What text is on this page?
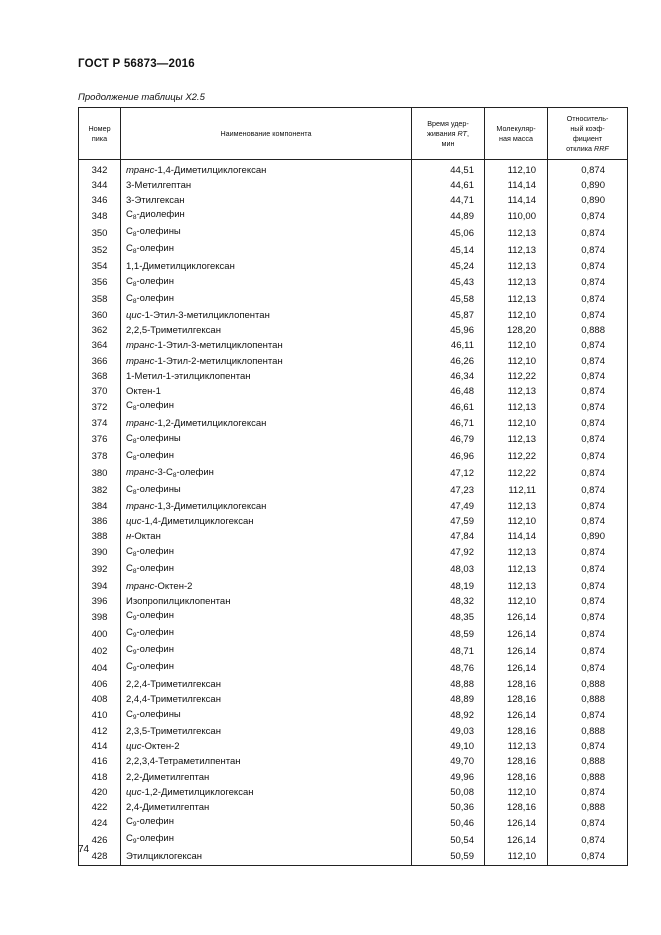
ГОСТ Р 56873—2016
Продолжение таблицы X2.5
Номер
пика	Наименование компонента	Время удер-
живания RT,
мин	Молекуляр-
ная масса	Относитель-
ный коэф-
фициент
отклика RRF
342	транс-1,4-Диметилциклогексан	44,51	112,10	0,874
344	3-Метилгептан	44,61	114,14	0,890
346	3-Этилгексан	44,71	114,14	0,890
348	$C_8$-диолефин	44,89	110,00	0,874
350	$C_8$-олефины	45,06	112,13	0,874
352	$C_8$-олефин	45,14	112,13	0,874
354	1,1-Диметилциклогексан	45,24	112,13	0,874
356	$C_8$-олефин	45,43	112,13	0,874
358	$C_8$-олефин	45,58	112,13	0,874
360	цис-1-Этил-3-метилциклопентан	45,87	112,10	0,874
362	2,2,5-Триметилгексан	45,96	128,20	0,888
364	транс-1-Этил-3-метилциклопентан	46,11	112,10	0,874
366	транс-1-Этил-2-метилциклопентан	46,26	112,10	0,874
368	1-Метил-1-этилциклопентан	46,34	112,22	0,874
370	Октен-1	46,48	112,13	0,874
372	$C_8$-олефин	46,61	112,13	0,874
374	транс-1,2-Диметилциклогексан	46,71	112,10	0,874
376	$C_8$-олефины	46,79	112,13	0,874
378	$C_8$-олефин	46,96	112,22	0,874
380	транс-$3-C_8$-олефин	47,12	112,22	0,874
382	$C_8$-олефины	47,23	112,11	0,874
384	транс-1,3-Диметилциклогексан	47,49	112,13	0,874
386	цис-1,4-Диметилциклогексан	47,59	112,10	0,874
388	н-Октан	47,84	114,14	0,890
390	$C_8$-олефин	47,92	112,13	0,874
392	$C_8$-олефин	48,03	112,13	0,874
394	транс-Октен-2	48,19	112,13	0,874
396	Изопропилциклопентан	48,32	112,10	0,874
398	$C_9$-олефин	48,35	126,14	0,874
400	$C_9$-олефин	48,59	126,14	0,874
402	$C_9$-олефин	48,71	126,14	0,874
404	$C_9$-олефин	48,76	126,14	0,874
406	2,2,4-Триметилгексан	48,88	128,16	0,888
408	2,4,4-Триметилгексан	48,89	128,16	0,888
410	$C_9$-олефины	48,92	126,14	0,874
412	2,3,5-Триметилгексан	49,03	128,16	0,888
414	цис-Октен-2	49,10	112,13	0,874
416	2,2,3,4-Тетраметилпентан	49,70	128,16	0,888
418	2,2-Диметилгептан	49,96	128,16	0,888
420	цис-1,2-Диметилциклогексан	50,08	112,10	0,874
422	2,4-Диметилгептан	50,36	128,16	0,888
424	$C_9$-олефин	50,46	126,14	0,874
426	$C_9$-олефин	50,54	126,14	0,874
428	Этилциклогексан	50,59	112,10	0,874
74
